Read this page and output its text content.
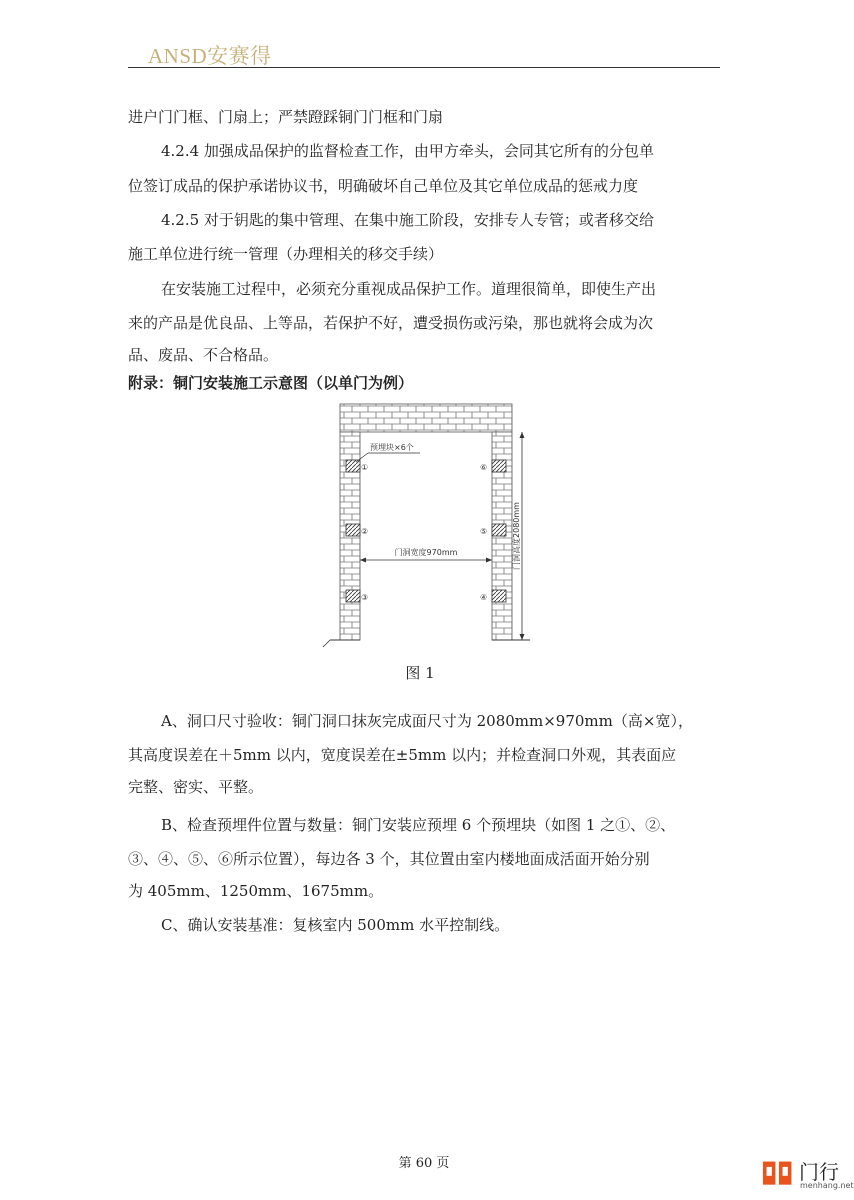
ANSD安赛得

进户门门框、门扇上；严禁蹬踩铜门门框和门扇

4.2.4 加强成品保护的监督检查工作，由甲方牵头，会同其它所有的分包单

位签订成品的保护承诺协议书，明确破坏自己单位及其它单位成品的惩戒力度

4.2.5 对于钥匙的集中管理、在集中施工阶段，安排专人专管；或者移交给

施工单位进行统一管理（办理相关的移交手续）

在安装施工过程中，必须充分重视成品保护工作。道理很简单，即使生产出

来的产品是优良品、上等品，若保护不好，遭受损伤或污染，那也就将会成为次

品、废品、不合格品。

附录：铜门安装施工示意图（以单门为例）

①
②
③	④
⑤
⑥
预埋块×6个
门洞宽度970mm	门洞高度2080mm
图 1

A、洞口尺寸验收：铜门洞口抹灰完成面尺寸为 2080mm×970mm（高×宽），

其高度误差在＋5mm 以内，宽度误差在±5mm 以内；并检查洞口外观，其表面应

完整、密实、平整。

B、检查预埋件位置与数量：铜门安装应预埋 6 个预埋块（如图 1 之①、②、

③、④、⑤、⑥所示位置），每边各 3 个，其位置由室内楼地面成活面开始分别

为 405mm、1250mm、1675mm。

C、确认安装基准：复核室内 500mm 水平控制线。

第 60 页	门行
menhang.net
